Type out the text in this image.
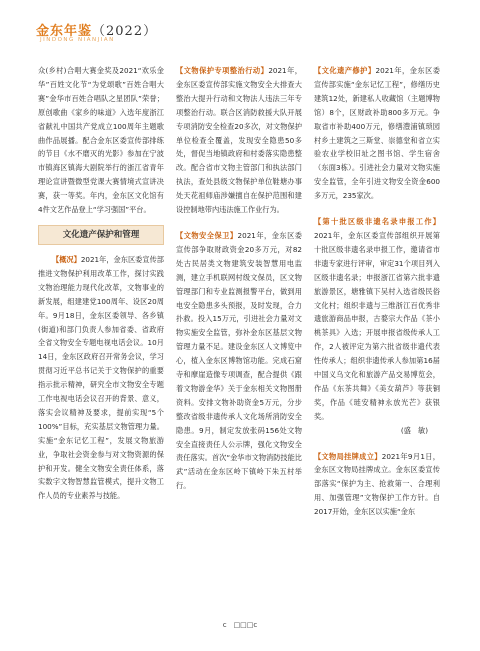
金东年鉴（2022）
JINDONG NIANJIAN

众(乡村)合唱大赛金奖及2021“欢乐金华”百姓文化节“为党颂歌”百姓合唱大赛”金华市百姓合唱队之星团队”荣誉；原创歌曲《家乡的味道》入选年度浙江省献礼中国共产党成立100周年主题歌曲作品展播。配合金东区委宣传部排练的节目《水不磨灭的光影》参加在宁波市镇海区镇海大剧院举行的浙江省青年理论宣讲暨微型党课大赛情境式宣讲决赛，获一等奖。年内，金东区文化馆有4件文艺作品登上“学习强国”平台。

文化遗产保护和管理

【概况】2021年，金东区委宣传部推进文物保护利用改革工作，探讨实践文物治理能力现代化改革，文物事业的新发展，组建建党100周年、设区20周年。9月18日，金东区委领导、各乡镇(街道)和部门负责人参加省委、省政府全省文物安全专题电视电话会议。10月14日，金东区政府召开常务会议，学习贯彻习近平总书记关于文物保护的重要指示批示精神，研究全市文物安全专题工作电视电话会议召开的背景、意义，落实会议精神及要求，提前实现“5个100%”目标，充实基层文物管理力量。实施“金东记忆工程”，发展文物旅游业，争取社会资金参与对文物资源的保护和开发。健全文物安全责任体系，落实数字文物智慧监管模式，提升文物工作人员的专业素养与技能。

【文物保护专项整治行动】2021年，金东区委宣传部实施文物安全大排查大整治大提升行动和文物法人违法三年专项整治行动。联合区消防救援大队开展专项消防安全检查20多次，对文物保护单位检查全覆盖，发现安全隐患50多处，督促当地镇政府和村委落实隐患整改。配合省市文物主管部门和执法部门执法，查处县级文物保护单位鞋塘办事处天花祖师庙涉嫌擅自在保护范围和建设控制地带内违法施工作业行为。

【文物安全保卫】2021年，金东区委宣传部争取财政资金20多万元，对82处古民居类文物建筑安装智慧用电监测，建立手机联网村级文保员，区文物管理部门和专业监测报警平台，做到用电安全隐患多头预报，及时发现，合力扑救。投入15万元，引进社会力量对文物实施安全监管，弥补金东区基层文物管理力量不足。建设金东区人文博览中心，植入金东区博物馆功能。完成石窟寺和摩崖造像专项调查，配合提供《跟着文物游金华》关于金东相关文物图册资料。安排文物补助资金5万元，分步整改省级非遗传承人文化场所消防安全隐患。9月，制定发放张码156处文物安全直接责任人公示牌，强化文物安全责任落实。首次“金华市文物消防技能比武”活动在金东区岭下镇岭下朱五村举行。

【文化遗产修护】2021年，金东区委宣传部实施“金东记忆工程”，修缮历史建筑12处，新建私人收藏馆（主题博物馆）8个，区财政补助800多万元。争取省市补助400万元，修缮澧浦镇琐园村乡土建筑之三斯堂、崇德堂和省立实验农业学校旧址之图书馆、学生宿舍（东面3栋）。引进社会力量对文物实施安全监管，全年引进文物安全资金600多万元，235家次。

【第十批区级非遗名录申报工作】2021年，金东区委宣传部组织开展第十批区级非遗名录申报工作，邀请省市非遗专家进行评审，审定31个项目列入区级非遗名录；申报浙江省第六批非遗旅游景区，塘雅镇下吴村入选省级民俗文化村；组织非遗与三维浙江百优秀非遗旅游商品申报，古婺宗大作品《茶小桃茶具》入选；开展申报省级传承人工作，2人被评定为第六批省级非遗代表性传承人；组织非遗传承人参加第16届中国义乌文化和旅游产品交易博览会，作品《东茶共舞》《美女葫芦》等获铜奖，作品《琏安精神永放光芒》获银奖。

(盛　敏)

【文物局挂牌成立】2021年9月1日，金东区文物局挂牌成立。金东区委宣传部落实“保护为主、抢救第一、合理利用、加强管理”文物保护工作方针。自2017开始，金东区以实施“金东

c　□□□c
